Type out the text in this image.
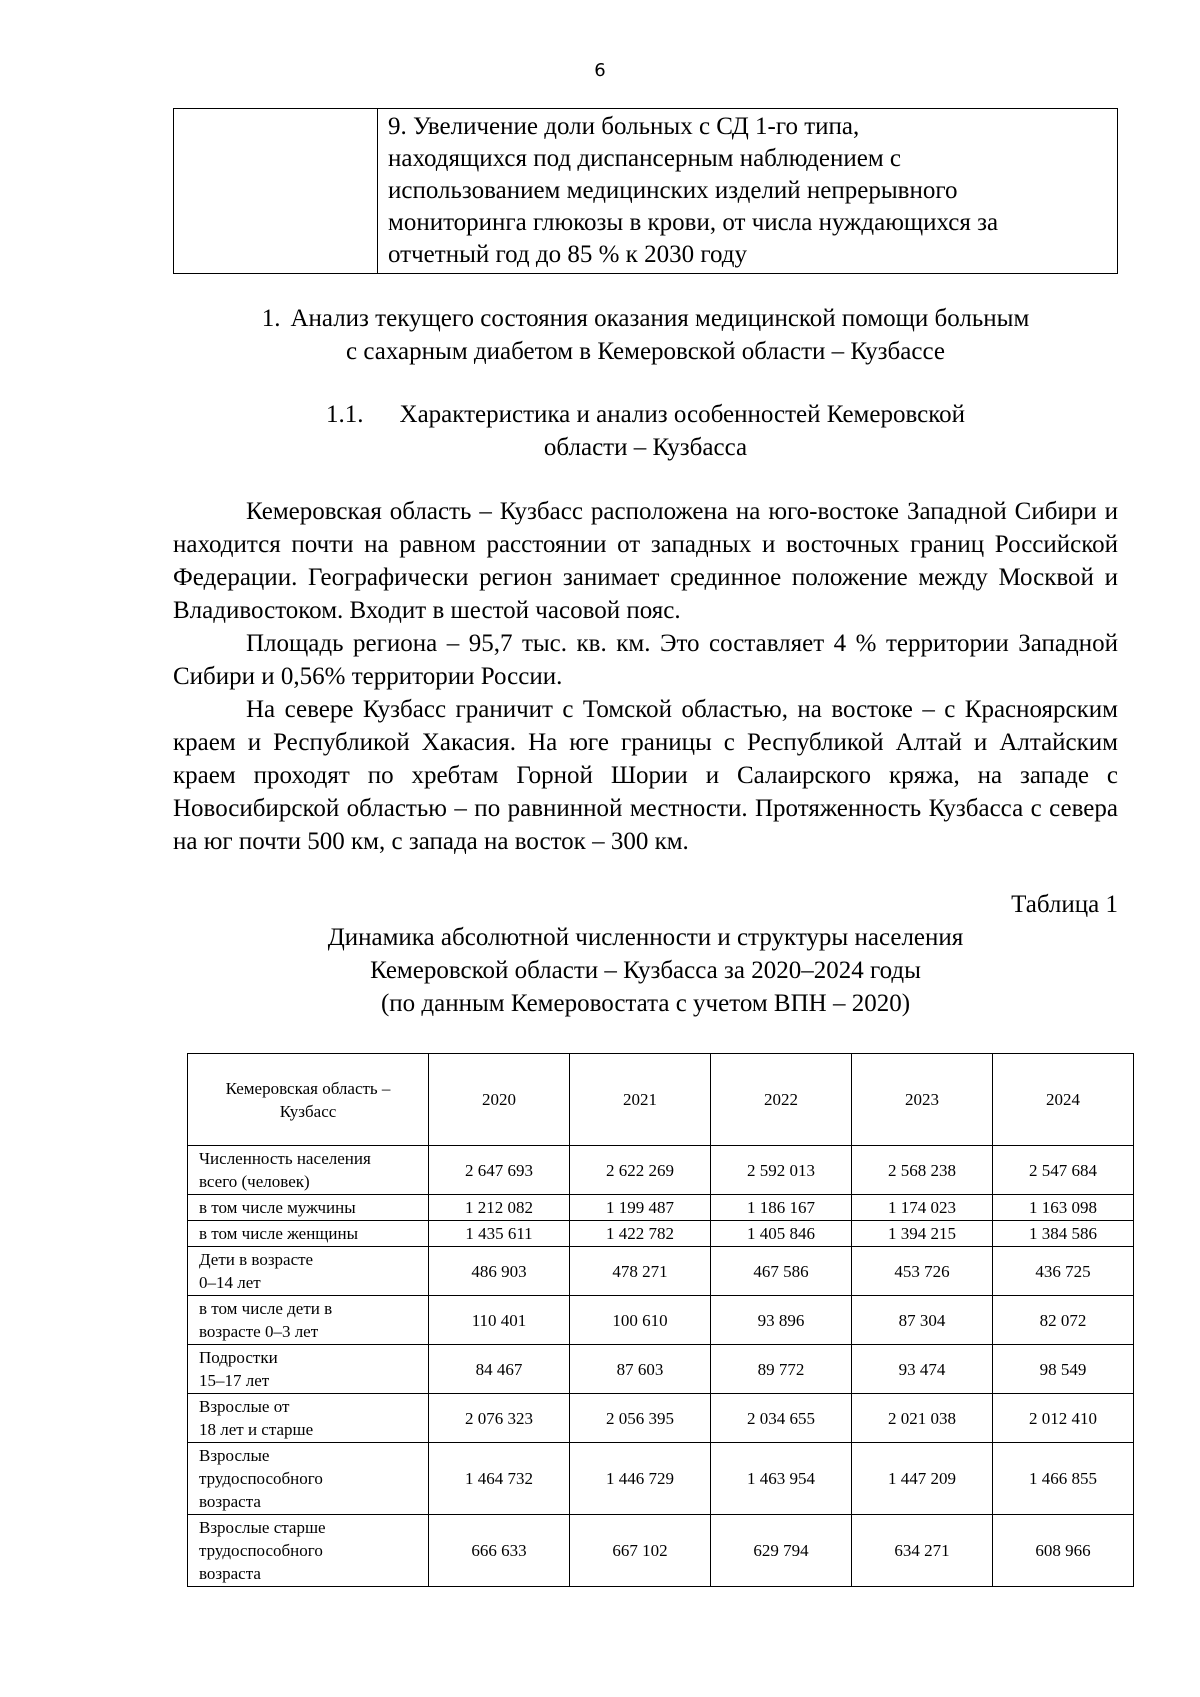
6

9. Увеличение доли больных с СД 1-го типа,
находящихся под диспансерным наблюдением с
использованием медицинских изделий непрерывного
мониторинга глюкозы в крови, от числа нуждающихся за
отчетный год до 85 % к 2030 году
1. Анализ текущего состояния оказания медицинской помощи больным
с сахарным диабетом в Кемеровской области – Кузбассе
1.1. Характеристика и анализ особенностей Кемеровской
области – Кузбасса

Кемеровская область – Кузбасс расположена на юго-востоке Западной Сибири и находится почти на равном расстоянии от западных и восточных границ Российской Федерации. Географически регион занимает срединное положение между Москвой и Владивостоком. Входит в шестой часовой пояс.

Площадь региона – 95,7 тыс. кв. км. Это составляет 4 % территории Западной Сибири и 0,56% территории России.

На севере Кузбасс граничит с Томской областью, на востоке – с Красноярским краем и Республикой Хакасия. На юге границы с Республикой Алтай и Алтайским краем проходят по хребтам Горной Шории и Салаирского кряжа, на западе с Новосибирской областью – по равнинной местности. Протяженность Кузбасса с севера на юг почти 500 км, с запада на восток – 300 км.

Таблица 1
Динамика абсолютной численности и структуры населения
Кемеровской области – Кузбасса за 2020–2024 годы
(по данным Кемеровостата с учетом ВПН – 2020)
Кемеровская область –
Кузбасс	2020	2021	2022	2023	2024

Численность населения
всего (человек)	2 647 693	2 622 269	2 592 013	2 568 238	2 547 684

в том числе мужчины	1 212 082	1 199 487	1 186 167	1 174 023	1 163 098

в том числе женщины	1 435 611	1 422 782	1 405 846	1 394 215	1 384 586

Дети в возрасте
0–14 лет	486 903	478 271	467 586	453 726	436 725

в том числе дети в
возрасте 0–3 лет	110 401	100 610	93 896	87 304	82 072

Подростки
15–17 лет	84 467	87 603	89 772	93 474	98 549

Взрослые от
18 лет и старше	2 076 323	2 056 395	2 034 655	2 021 038	2 012 410

Взрослые
трудоспособного
возраста	1 464 732	1 446 729	1 463 954	1 447 209	1 466 855

Взрослые старше
трудоспособного
возраста	666 633	667 102	629 794	634 271	608 966
